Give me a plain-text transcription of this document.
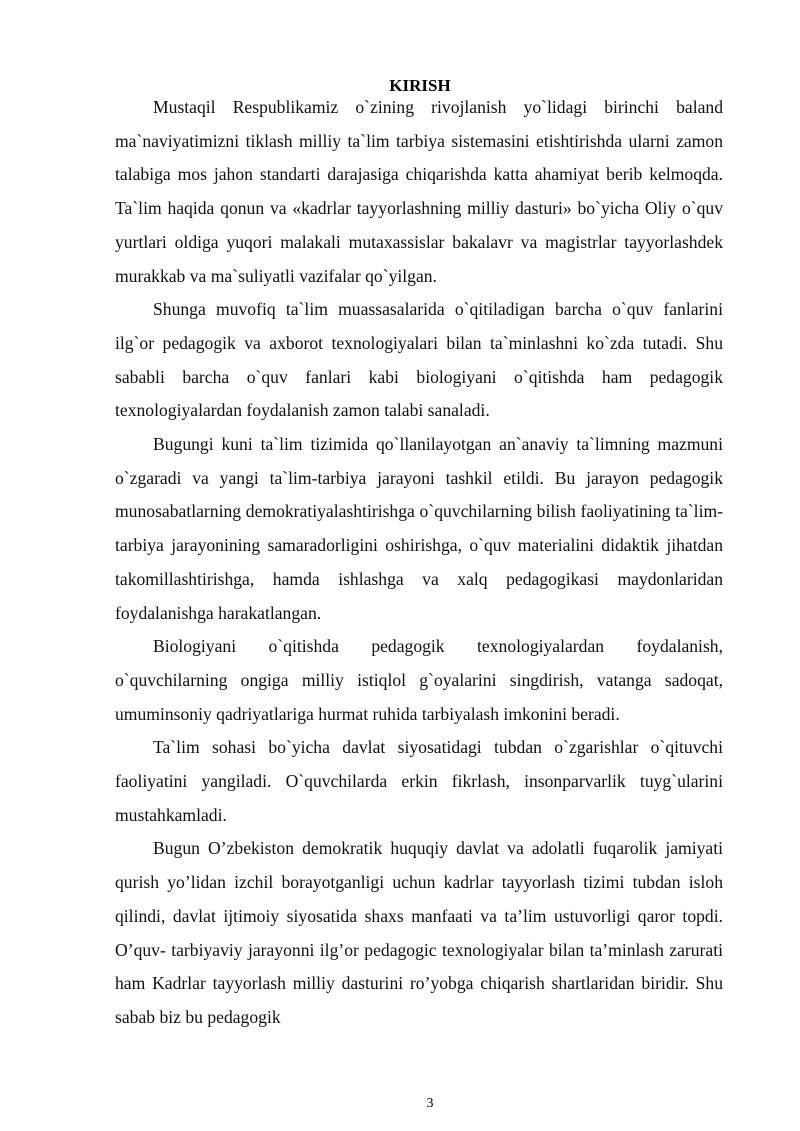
KIRISH

Mustaqil Respublikamiz o`zining rivojlanish yo`lidagi birinchi baland ma`naviyatimizni tiklash milliy ta`lim tarbiya sistemasini etishtirishda ularni zamon talabiga mos jahon standarti darajasiga chiqarishda katta ahamiyat berib kelmoqda. Ta`lim haqida qonun va «kadrlar tayyorlashning milliy dasturi» bo`yicha Oliy o`quv yurtlari oldiga yuqori malakali mutaxassislar bakalavr va magistrlar tayyorlashdek murakkab va ma`suliyatli vazifalar qo`yilgan.

Shunga muvofiq ta`lim muassasalarida o`qitiladigan barcha o`quv fanlarini ilg`or pedagogik va axborot texnologiyalari bilan ta`minlashni ko`zda tutadi. Shu sababli barcha o`quv fanlari kabi biologiyani o`qitishda ham pedagogik texnologiyalardan foydalanish zamon talabi sanaladi.

Bugungi kuni ta`lim tizimida qo`llanilayotgan an`anaviy ta`limning mazmuni o`zgaradi va yangi ta`lim-tarbiya jarayoni tashkil etildi. Bu jarayon pedagogik munosabatlarning demokratiyalashtirishga o`quvchilarning bilish faoliyatining ta`lim-tarbiya jarayonining samaradorligini oshirishga, o`quv materialini didaktik jihatdan takomillashtirishga, hamda ishlashga va xalq pedagogikasi maydonlaridan foydalanishga harakatlangan.

Biologiyani o`qitishda pedagogik texnologiyalardan foydalanish, o`quvchilarning ongiga milliy istiqlol g`oyalarini singdirish, vatanga sadoqat, umuminsoniy qadriyatlariga hurmat ruhida tarbiyalash imkonini beradi.

Ta`lim sohasi bo`yicha davlat siyosatidagi tubdan o`zgarishlar o`qituvchi faoliyatini yangiladi. O`quvchilarda erkin fikrlash, insonparvarlik tuyg`ularini mustahkamladi.

Bugun O’zbekiston demokratik huquqiy davlat va adolatli fuqarolik jamiyati qurish yo’lidan izchil borayotganligi uchun kadrlar tayyorlash tizimi tubdan isloh qilindi, davlat ijtimoiy siyosatida shaxs manfaati va ta’lim ustuvorligi qaror topdi. O’quv- tarbiyaviy jarayonni ilg’or pedagogic texnologiyalar bilan ta’minlash zarurati ham Kadrlar tayyorlash milliy dasturini ro’yobga chiqarish shartlaridan biridir. Shu sabab biz bu pedagogik

3
